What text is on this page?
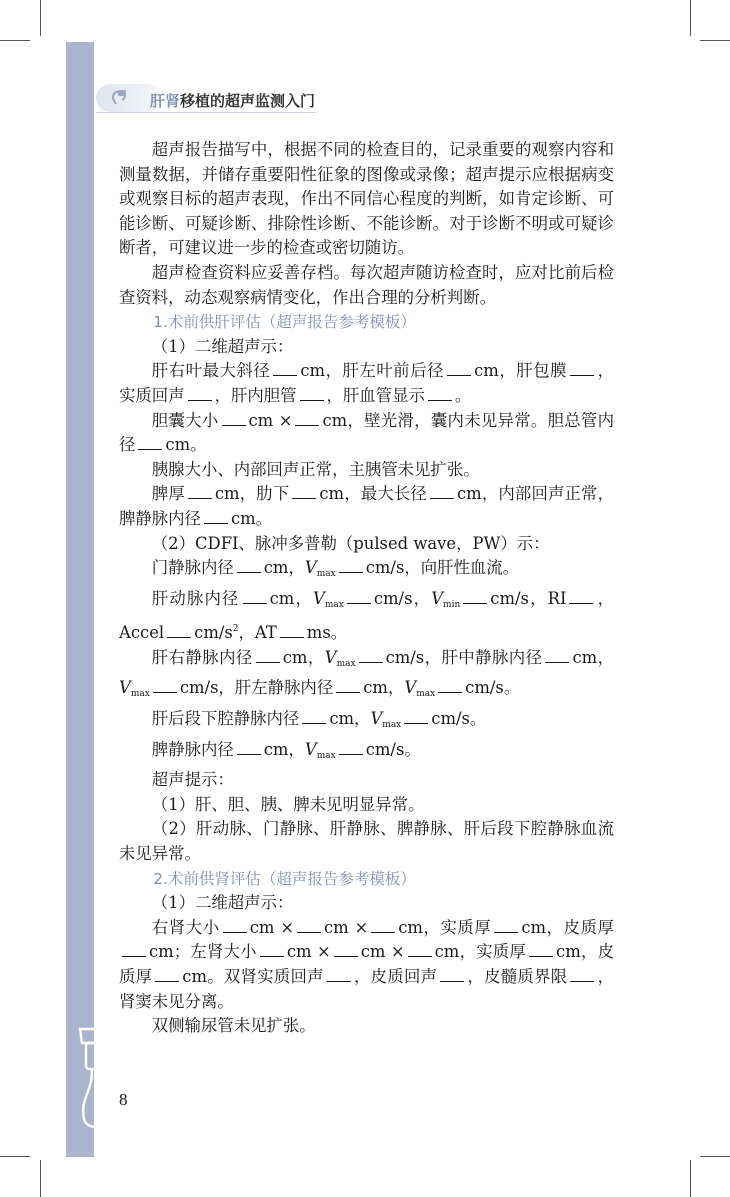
肝肾移植的超声监测入门

超声报告描写中，根据不同的检查目的，记录重要的观察内容和测量数据，并储存重要阳性征象的图像或录像；超声提示应根据病变或观察目标的超声表现，作出不同信心程度的判断，如肯定诊断、可能诊断、可疑诊断、排除性诊断、不能诊断。对于诊断不明或可疑诊断者，可建议进一步的检查或密切随访。

超声检查资料应妥善存档。每次超声随访检查时，应对比前后检查资料，动态观察病情变化，作出合理的分析判断。

1.术前供肝评估（超声报告参考模板）

（1）二维超声示：

肝右叶最大斜径 cm，肝左叶前后径 cm，肝包膜 ，实质回声 ，肝内胆管 ，肝血管显示 。

胆囊大小 cm × cm，壁光滑，囊内未见异常。胆总管内径 cm。

胰腺大小、内部回声正常，主胰管未见扩张。

脾厚 cm，肋下 cm，最大长径 cm，内部回声正常，脾静脉内径 cm。

（2）CDFI、脉冲多普勒（pulsed wave，PW）示：

门静脉内径 cm，$V_{max}$ cm/s，向肝性血流。

肝动脉内径 cm，$V_{max}$ cm/s，$V_{min}$ cm/s，RI ，Accel $cm/s^2$，AT ms。

肝右静脉内径 cm，$V_{max}$ cm/s，肝中静脉内径 cm，$V_{max}$ cm/s，肝左静脉内径 cm，$V_{max}$ cm/s。

肝后段下腔静脉内径 cm，$V_{max}$ cm/s。

脾静脉内径 cm，$V_{max}$ cm/s。

超声提示：

（1）肝、胆、胰、脾未见明显异常。

（2）肝动脉、门静脉、肝静脉、脾静脉、肝后段下腔静脉血流未见异常。

2.术前供肾评估（超声报告参考模板）

（1）二维超声示：

右肾大小 cm × cm × cm，实质厚 cm，皮质厚cm；左肾大小 cm × cm × cm，实质厚 cm，皮质厚 cm。双肾实质回声 ，皮质回声 ，皮髓质界限 ，肾窦未见分离。

双侧输尿管未见扩张。

8
